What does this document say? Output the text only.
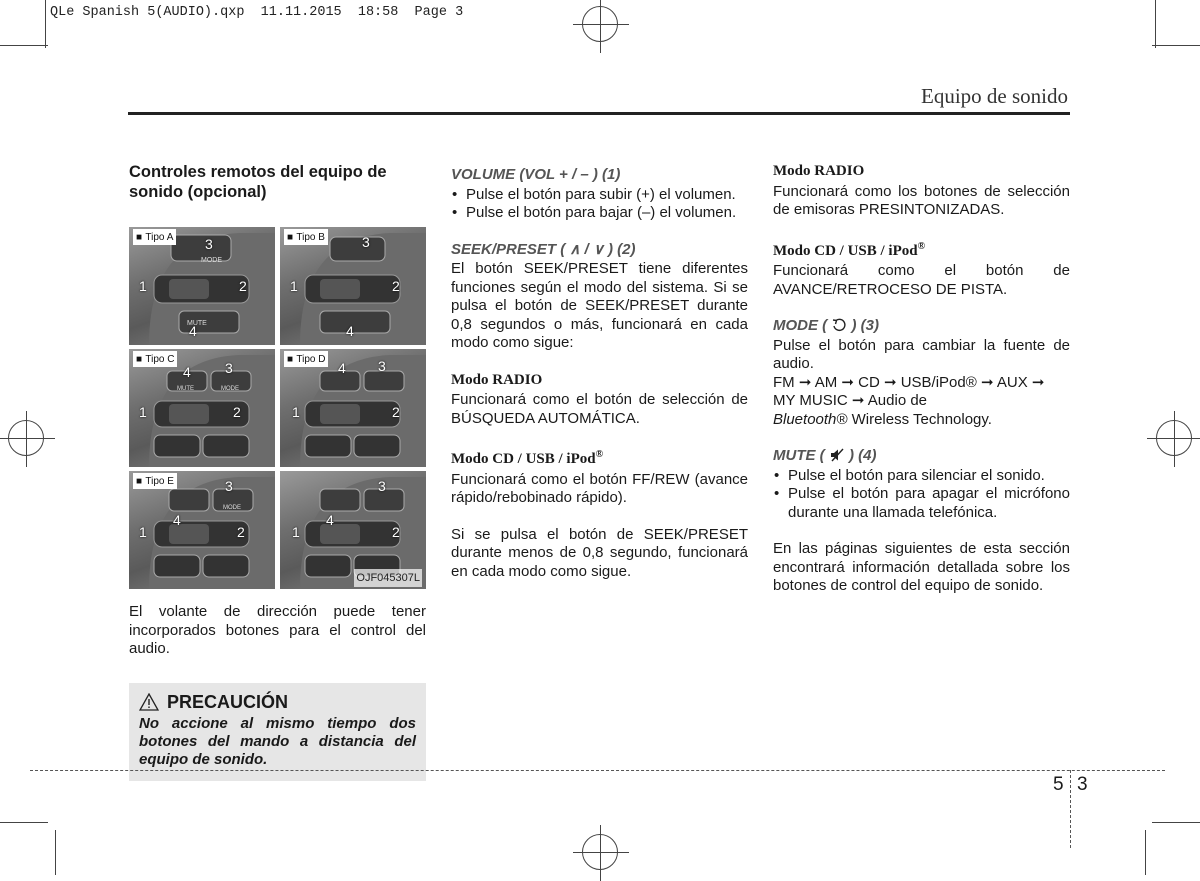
QLe Spanish 5(AUDIO).qxp  11.11.2015  18:58  Page 3
Equipo de sonido
Controles remotos del equipo de sonido (opcional)
■ Tipo A
MODE
MUTE
3
1	2
4
■ Tipo B	3
1	2
4
■ Tipo C
MUTE	MODE
4 3
1	2
■ Tipo D
4 3
1	2
■ Tipo E
MODE
3
4
1	2
3
4
1	2
OJF045307L

El volante de dirección puede tener incorporados botones para el control del audio.

PRECAUCIÓN
No accione al mismo tiempo dos botones del mando a distancia del equipo de sonido.
VOLUME (VOL + / – ) (1)
• Pulse el botón para subir (+) el volumen.
• Pulse el botón para bajar (–) el volumen.
SEEK/PRESET ( ∧ / ∨ ) (2)

El botón SEEK/PRESET tiene diferentes funciones según el modo del sistema. Si se pulsa el botón de SEEK/PRESET durante 0,8 segundos o más, funcionará en cada modo como sigue:

Modo RADIO

Funcionará como el botón de selección de BÚSQUEDA AUTOMÁTICA.

Modo CD / USB / iPod®

Funcionará como el botón FF/REW (avance rápido/rebobinado rápido).

Si se pulsa el botón de SEEK/PRESET durante menos de 0,8 segundo, funcionará en cada modo como sigue.

Modo RADIO

Funcionará como los botones de selección de emisoras PRESINTONIZADAS.

Modo CD / USB / iPod®

Funcionará como el botón de AVANCE/RETROCESO DE PISTA.

MODE ( ) (3)

Pulse el botón para cambiar la fuente de audio.

FM ➞ AM ➞ CD ➞ USB/iPod® ➞ AUX ➞ MY MUSIC ➞ Audio de

Bluetooth® Wireless Technology.

MUTE ( ) (4)
• Pulse el botón para silenciar el sonido.
• Pulse el botón para apagar el micrófono durante una llamada telefónica.

En las páginas siguientes de esta sección encontrará información detallada sobre los botones de control del equipo de sonido.

5 3
